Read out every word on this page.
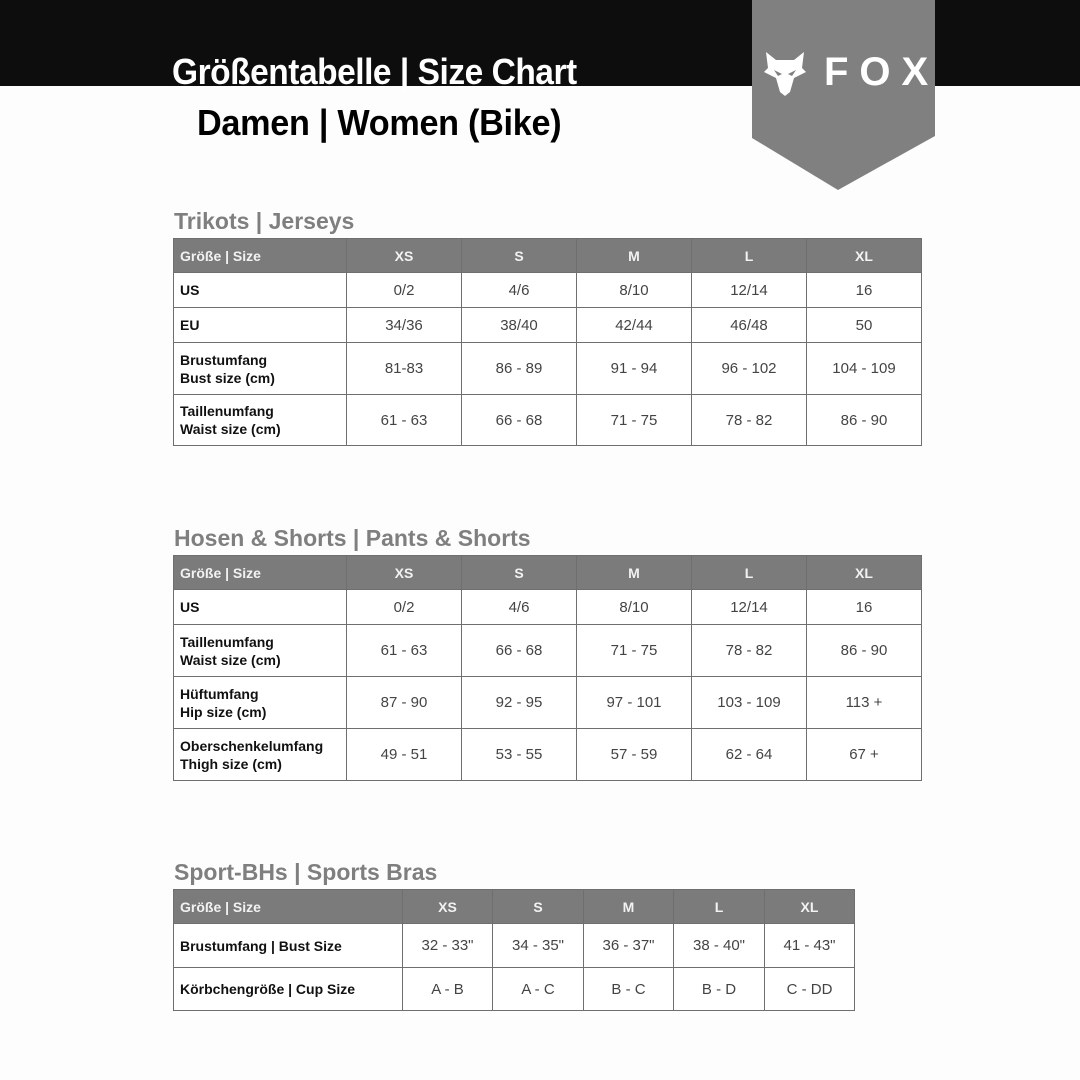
Größentabelle | Size Chart
Damen | Women (Bike)
FOX
Trikots | Jerseys
Größe | Size	XS	S	M	L	XL

US	0/2	4/6	8/10	12/14	16

EU	34/36	38/40	42/44	46/48	50

Brustumfang
Bust size (cm)	81-83	86 - 89	91 - 94	96 - 102	104 - 109

Taillenumfang
Waist size (cm)	61 - 63	66 - 68	71 - 75	78 - 82	86 - 90
Hosen & Shorts | Pants & Shorts
Größe | Size	XS	S	M	L	XL

US	0/2	4/6	8/10	12/14	16

Taillenumfang
Waist size (cm)	61 - 63	66 - 68	71 - 75	78 - 82	86 - 90

Hüftumfang
Hip size (cm)	87 - 90	92 - 95	97 - 101	103 - 109	113 +

Oberschenkelumfang
Thigh size (cm)	49 - 51	53 - 55	57 - 59	62 - 64	67 +
Sport-BHs | Sports Bras
Größe | Size	XS	S	M	L	XL

Brustumfang | Bust Size	32 - 33"	34 - 35"	36 - 37"	38 - 40"	41 - 43"

Körbchengröße | Cup Size	A - B	A - C	B - C	B - D	C - DD
